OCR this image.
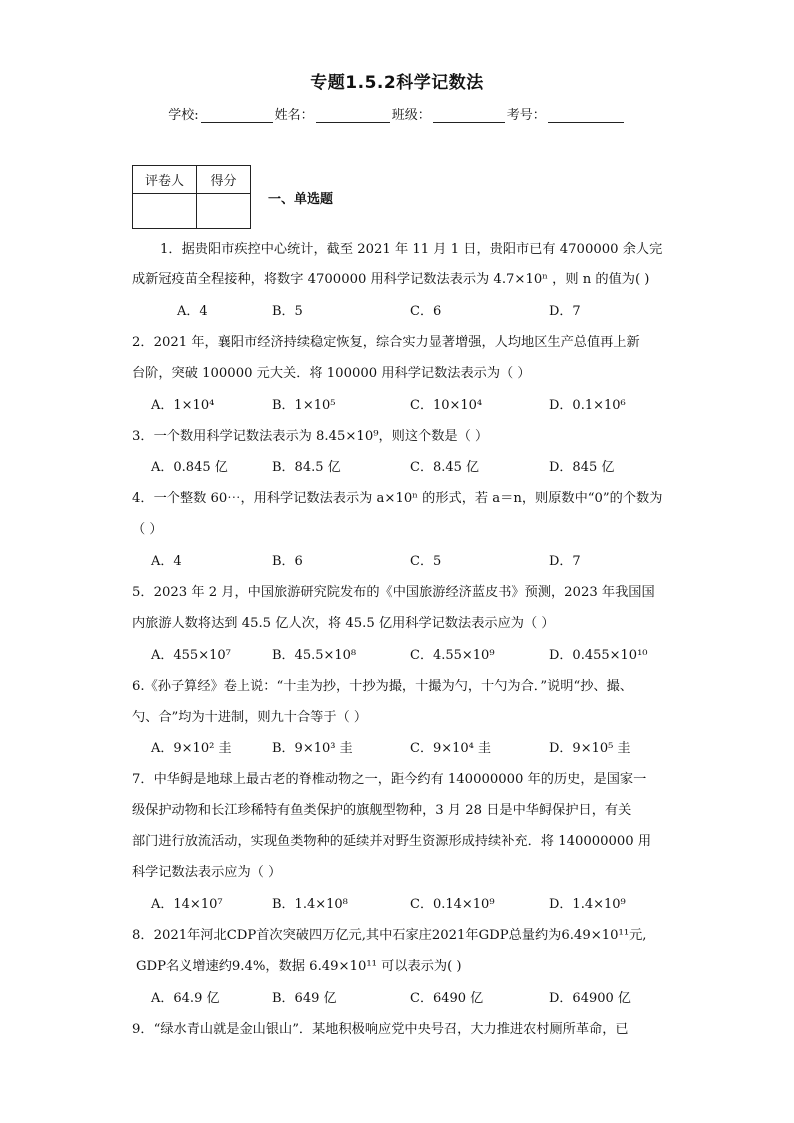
专题1.5.2科学记数法
学校:	姓名：	班级：	考号：
评卷人	得分

一、单选题
1．据贵阳市疾控中心统计，截至 2021 年 11 月 1 日，贵阳市已有 4700000 余人完
成新冠疫苗全程接种，将数字 4700000 用科学记数法表示为 4.7×10ⁿ ，则 n 的值为( )
A．4	B．5	C．6	D．7
2．2021 年，襄阳市经济持续稳定恢复，综合实力显著增强，人均地区生产总值再上新
台阶，突破 100000 元大关．将 100000 用科学记数法表示为（ ）
A．1×10⁴	B．1×10⁵	C．10×10⁴	D．0.1×10⁶
3．一个数用科学记数法表示为 8.45×10⁹，则这个数是（ ）
A．0.845 亿	B．84.5 亿	C．8.45 亿	D．845 亿
4．一个整数 60⋯，用科学记数法表示为 a×10ⁿ 的形式，若 a＝n，则原数中“0”的个数为
（ ）
A．4	B．6	C．5	D．7
5．2023 年 2 月，中国旅游研究院发布的《中国旅游经济蓝皮书》预测，2023 年我国国
内旅游人数将达到 45.5 亿人次，将 45.5 亿用科学记数法表示应为（ ）
A．455×10⁷	B．45.5×10⁸	C．4.55×10⁹	D．0.455×10¹⁰
6.《孙子算经》卷上说：“十圭为抄，十抄为撮，十撮为勺，十勺为合．”说明“抄、撮、
勺、合”均为十进制，则九十合等于（ ）
A．9×10² 圭	B．9×10³ 圭	C．9×10⁴ 圭	D．9×10⁵ 圭
7．中华鲟是地球上最古老的脊椎动物之一，距今约有 140000000 年的历史，是国家一
级保护动物和长江珍稀特有鱼类保护的旗舰型物种，3 月 28 日是中华鲟保护日，有关
部门进行放流活动，实现鱼类物种的延续并对野生资源形成持续补充．将 140000000 用
科学记数法表示应为（ ）
A．14×10⁷	B．1.4×10⁸	C．0.14×10⁹	D．1.4×10⁹
8．2021年河北CDP首次突破四万亿元,其中石家庄2021年GDP总量约为6.49×10¹¹元,
GDP名义增速约9.4%，数据 6.49×10¹¹ 可以表示为( )
A．64.9 亿	B．649 亿	C．6490 亿	D．64900 亿
9．“绿水青山就是金山银山”．某地积极响应党中央号召，大力推进农村厕所革命，已
